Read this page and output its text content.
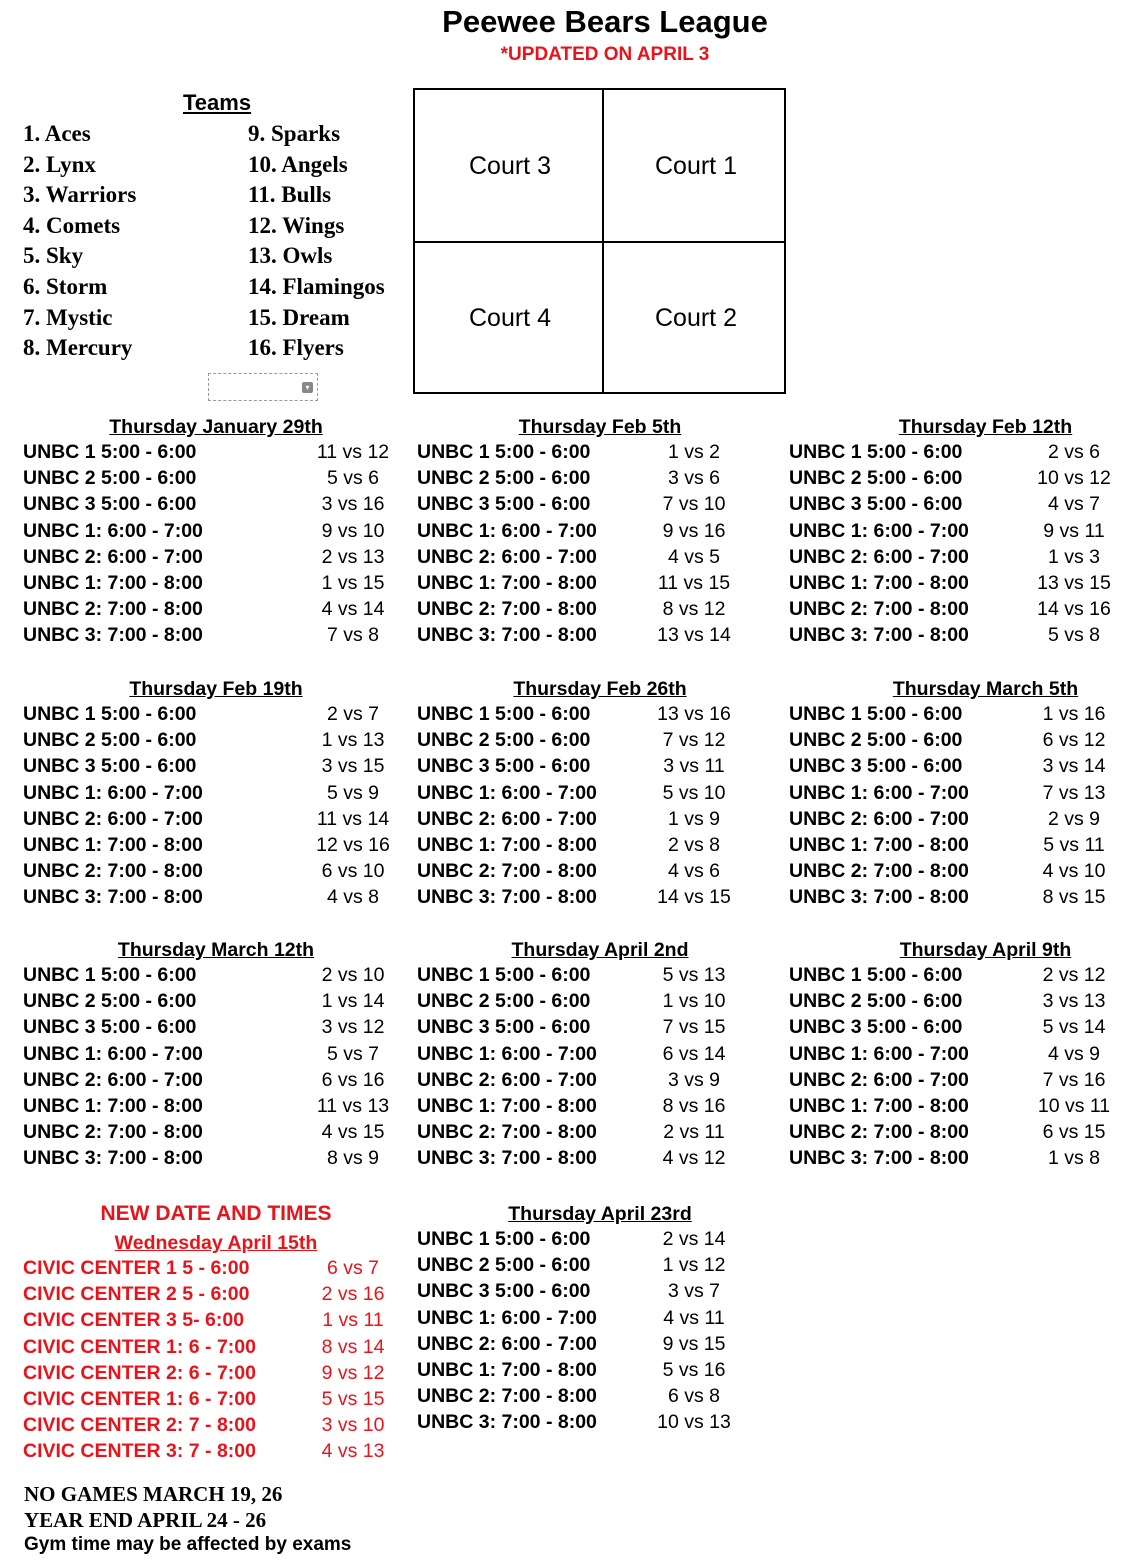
Peewee Bears League
*UPDATED ON APRIL 3
Teams
1. Aces
2. Lynx
3. Warriors
4. Comets
5. Sky
6. Storm
7. Mystic
8. Mercury
9. Sparks
10. Angels
11. Bulls
12. Wings
13. Owls
14. Flamingos
15. Dream
16. Flyers
▾
Court 3	Court 1
Court 4	Court 2
Thursday January 29th
UNBC 1 5:00 - 6:00	11 vs 12
UNBC 2 5:00 - 6:00	5 vs 6
UNBC 3 5:00 - 6:00	3 vs 16
UNBC 1: 6:00 - 7:00	9 vs 10
UNBC 2: 6:00 - 7:00	2 vs 13
UNBC 1: 7:00 - 8:00	1 vs 15
UNBC 2: 7:00 - 8:00	4 vs 14
UNBC 3: 7:00 - 8:00	7 vs 8
Thursday Feb 5th
UNBC 1 5:00 - 6:00	1 vs 2
UNBC 2 5:00 - 6:00	3 vs 6
UNBC 3 5:00 - 6:00	7 vs 10
UNBC 1: 6:00 - 7:00	9 vs 16
UNBC 2: 6:00 - 7:00	4 vs 5
UNBC 1: 7:00 - 8:00	11 vs 15
UNBC 2: 7:00 - 8:00	8 vs 12
UNBC 3: 7:00 - 8:00	13 vs 14
Thursday Feb 12th
UNBC 1 5:00 - 6:00	2 vs 6
UNBC 2 5:00 - 6:00	10 vs 12
UNBC 3 5:00 - 6:00	4 vs 7
UNBC 1: 6:00 - 7:00	9 vs 11
UNBC 2: 6:00 - 7:00	1 vs 3
UNBC 1: 7:00 - 8:00	13 vs 15
UNBC 2: 7:00 - 8:00	14 vs 16
UNBC 3: 7:00 - 8:00	5 vs 8
Thursday Feb 19th
UNBC 1 5:00 - 6:00	2 vs 7
UNBC 2 5:00 - 6:00	1 vs 13
UNBC 3 5:00 - 6:00	3 vs 15
UNBC 1: 6:00 - 7:00	5 vs 9
UNBC 2: 6:00 - 7:00	11 vs 14
UNBC 1: 7:00 - 8:00	12 vs 16
UNBC 2: 7:00 - 8:00	6 vs 10
UNBC 3: 7:00 - 8:00	4 vs 8
Thursday Feb 26th
UNBC 1 5:00 - 6:00	13 vs 16
UNBC 2 5:00 - 6:00	7 vs 12
UNBC 3 5:00 - 6:00	3 vs 11
UNBC 1: 6:00 - 7:00	5 vs 10
UNBC 2: 6:00 - 7:00	1 vs 9
UNBC 1: 7:00 - 8:00	2 vs 8
UNBC 2: 7:00 - 8:00	4 vs 6
UNBC 3: 7:00 - 8:00	14 vs 15
Thursday March 5th
UNBC 1 5:00 - 6:00	1 vs 16
UNBC 2 5:00 - 6:00	6 vs 12
UNBC 3 5:00 - 6:00	3 vs 14
UNBC 1: 6:00 - 7:00	7 vs 13
UNBC 2: 6:00 - 7:00	2 vs 9
UNBC 1: 7:00 - 8:00	5 vs 11
UNBC 2: 7:00 - 8:00	4 vs 10
UNBC 3: 7:00 - 8:00	8 vs 15
Thursday March 12th
UNBC 1 5:00 - 6:00	2 vs 10
UNBC 2 5:00 - 6:00	1 vs 14
UNBC 3 5:00 - 6:00	3 vs 12
UNBC 1: 6:00 - 7:00	5 vs 7
UNBC 2: 6:00 - 7:00	6 vs 16
UNBC 1: 7:00 - 8:00	11 vs 13
UNBC 2: 7:00 - 8:00	4 vs 15
UNBC 3: 7:00 - 8:00	8 vs 9
Thursday April 2nd
UNBC 1 5:00 - 6:00	5 vs 13
UNBC 2 5:00 - 6:00	1 vs 10
UNBC 3 5:00 - 6:00	7 vs 15
UNBC 1: 6:00 - 7:00	6 vs 14
UNBC 2: 6:00 - 7:00	3 vs 9
UNBC 1: 7:00 - 8:00	8 vs 16
UNBC 2: 7:00 - 8:00	2 vs 11
UNBC 3: 7:00 - 8:00	4 vs 12
Thursday April 9th
UNBC 1 5:00 - 6:00	2 vs 12
UNBC 2 5:00 - 6:00	3 vs 13
UNBC 3 5:00 - 6:00	5 vs 14
UNBC 1: 6:00 - 7:00	4 vs 9
UNBC 2: 6:00 - 7:00	7 vs 16
UNBC 1: 7:00 - 8:00	10 vs 11
UNBC 2: 7:00 - 8:00	6 vs 15
UNBC 3: 7:00 - 8:00	1 vs 8
Thursday April 23rd
UNBC 1 5:00 - 6:00	2 vs 14
UNBC 2 5:00 - 6:00	1 vs 12
UNBC 3 5:00 - 6:00	3 vs 7
UNBC 1: 6:00 - 7:00	4 vs 11
UNBC 2: 6:00 - 7:00	9 vs 15
UNBC 1: 7:00 - 8:00	5 vs 16
UNBC 2: 7:00 - 8:00	6 vs 8
UNBC 3: 7:00 - 8:00	10 vs 13
NEW DATE AND TIMES
Wednesday April 15th
CIVIC CENTER 1 5 - 6:00	6 vs 7
CIVIC CENTER 2 5 - 6:00	2 vs 16
CIVIC CENTER 3 5- 6:00	1 vs 11
CIVIC CENTER 1: 6 - 7:00	8 vs 14
CIVIC CENTER 2: 6 - 7:00	9 vs 12
CIVIC CENTER 1: 6 - 7:00	5 vs 15
CIVIC CENTER 2: 7 - 8:00	3 vs 10
CIVIC CENTER 3: 7 - 8:00	4 vs 13
NO GAMES MARCH 19, 26
YEAR END APRIL 24 - 26
Gym time may be affected by exams
